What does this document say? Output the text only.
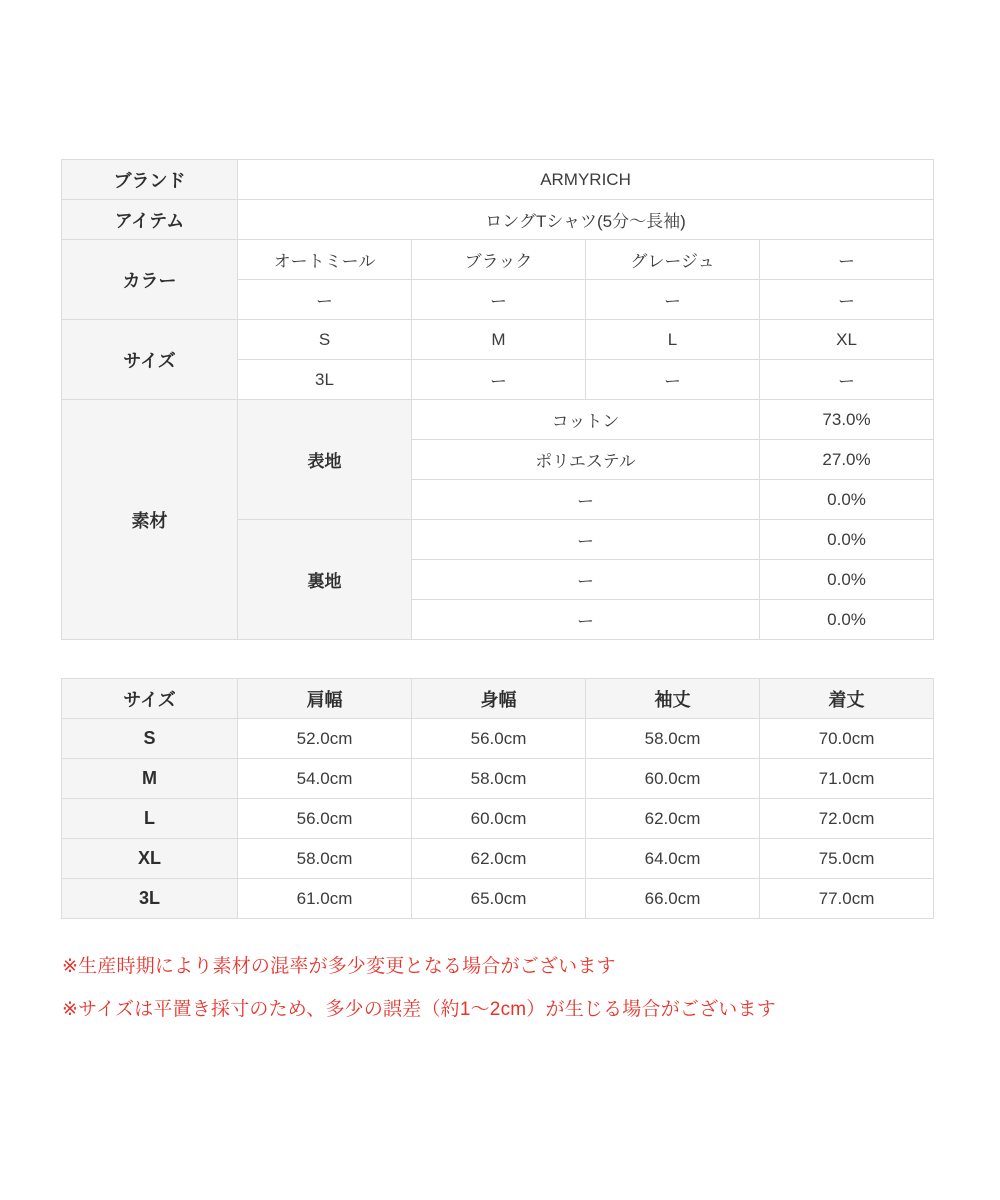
ブランド	ARMYRICH			
アイテム	ロングTシャツ(5分～長袖)			
カラー	オートミール	ブラック	グレージュ	ー
	ー	ー	ー	ー
サイズ	S	M	L	XL
	3L	ー	ー	ー
素材	表地	コットン		73.0%
		ポリエステル		27.0%
		ー		0.0%
	裏地	ー		0.0%
		ー		0.0%
		ー		0.0%
サイズ	肩幅	身幅	袖丈	着丈
S	52.0cm	56.0cm	58.0cm	70.0cm
M	54.0cm	58.0cm	60.0cm	71.0cm
L	56.0cm	60.0cm	62.0cm	72.0cm
XL	58.0cm	62.0cm	64.0cm	75.0cm
3L	61.0cm	65.0cm	66.0cm	77.0cm
※生産時期により素材の混率が多少変更となる場合がございます
※サイズは平置き採寸のため、多少の誤差（約1～2cm）が生じる場合がございます
